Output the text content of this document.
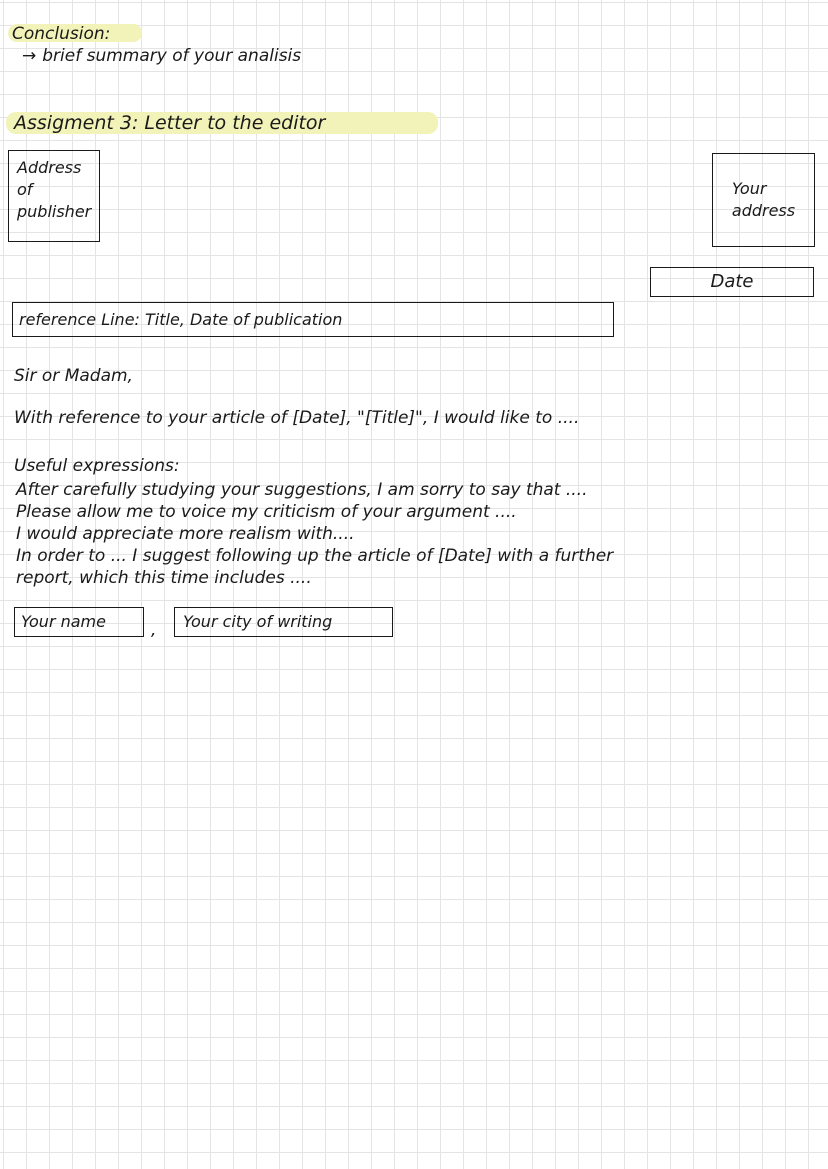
Conclusion:
→ brief summary of your analisis
Assigment 3: Letter to the editor
Address
of
publisher
Your
address
Date
reference Line: Title, Date of publication
Sir or Madam,
With reference to your article of [Date], "[Title]", I would like to ....
Useful expressions:
After carefully studying your suggestions, I am sorry to say that ....
Please allow me to voice my criticism of your argument ....
I would appreciate more realism with....
In order to ... I suggest following up the article of [Date] with a further
report, which this time includes ....
Your name	,	Your city of writing
